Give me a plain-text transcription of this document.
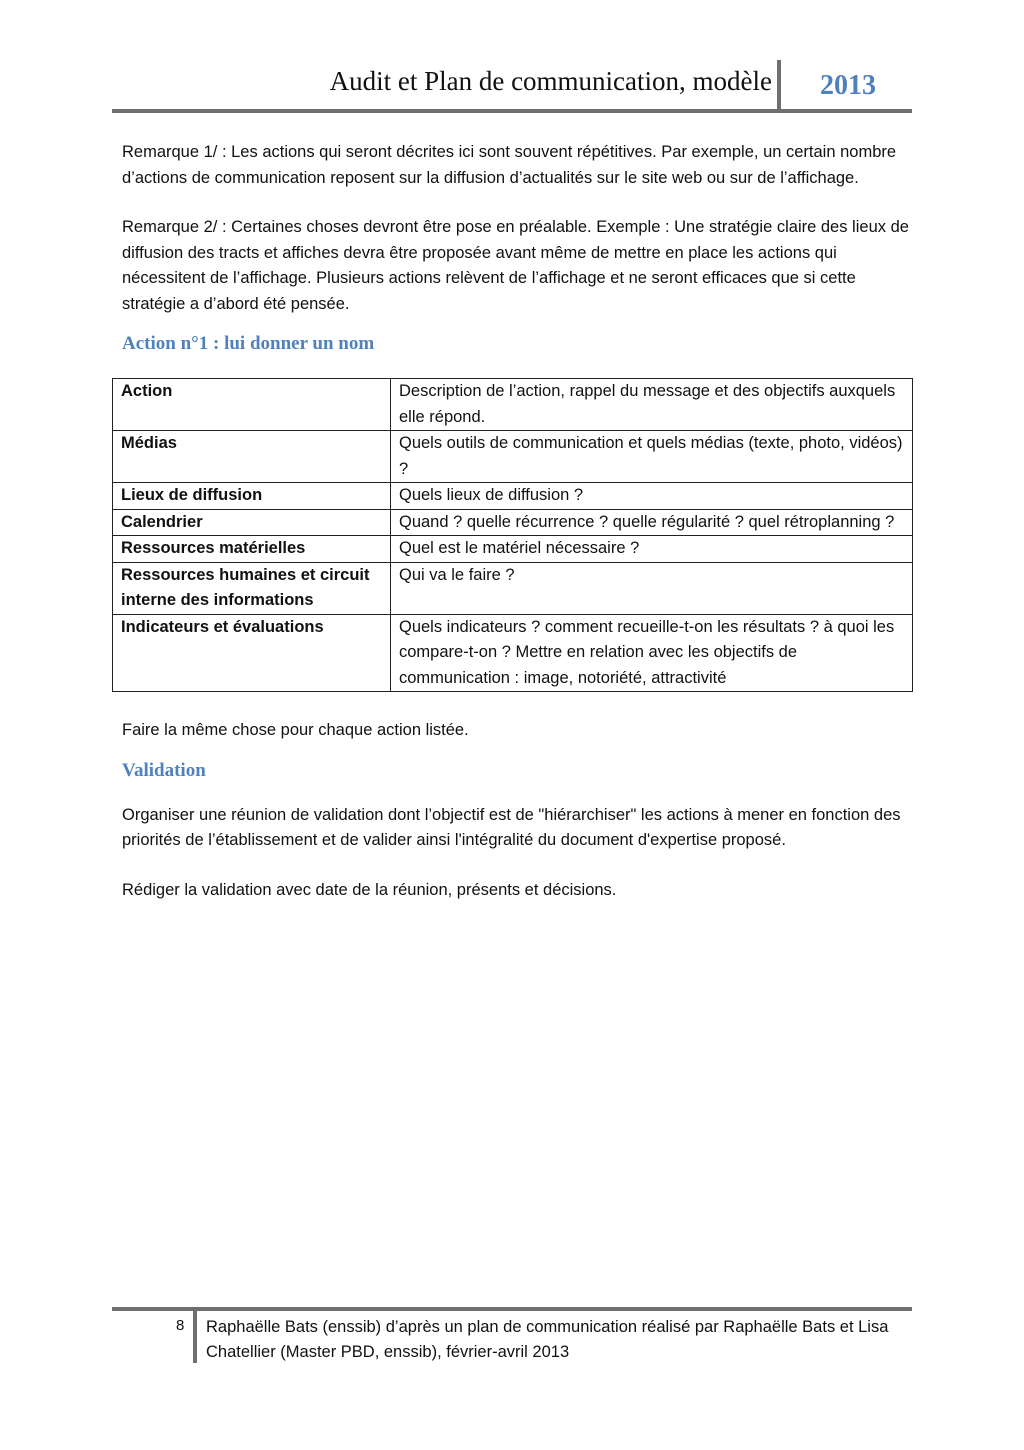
Audit et Plan de communication, modèle 2013

Remarque 1/ : Les actions qui seront décrites ici sont souvent répétitives. Par exemple, un certain nombre d’actions de communication reposent sur la diffusion d’actualités sur le site web ou sur de l’affichage.

Remarque 2/ : Certaines choses devront être pose en préalable. Exemple : Une stratégie claire des lieux de diffusion des tracts et affiches devra être proposée avant même de mettre en place les actions qui nécessitent de l’affichage. Plusieurs actions relèvent de l’affichage et ne seront efficaces que si cette stratégie a d’abord été pensée.

Action n°1 : lui donner un nom
Action	Description de l’action, rappel du message et des objectifs auxquels elle répond.
Médias	Quels outils de communication et quels médias (texte, photo, vidéos) ?
Lieux de diffusion	Quels lieux de diffusion ?
Calendrier	Quand ? quelle récurrence ? quelle régularité ? quel rétroplanning ?
Ressources matérielles	Quel est le matériel nécessaire ?
Ressources humaines et circuit interne des informations	Qui va le faire ?
Indicateurs et évaluations	Quels indicateurs ? comment recueille-t-on les résultats ? à quoi les compare-t-on ? Mettre en relation avec les objectifs de communication : image, notoriété, attractivité

Faire la même chose pour chaque action listée.

Validation

Organiser une réunion de validation dont l’objectif est de "hiérarchiser" les actions à mener en fonction des priorités de l’établissement et de valider ainsi l'intégralité du document d'expertise proposé.

Rédiger la validation avec date de la réunion, présents et décisions.

8 Raphaëlle Bats (enssib) d’après un plan de communication réalisé par Raphaëlle Bats et Lisa Chatellier (Master PBD, enssib), février-avril 2013
